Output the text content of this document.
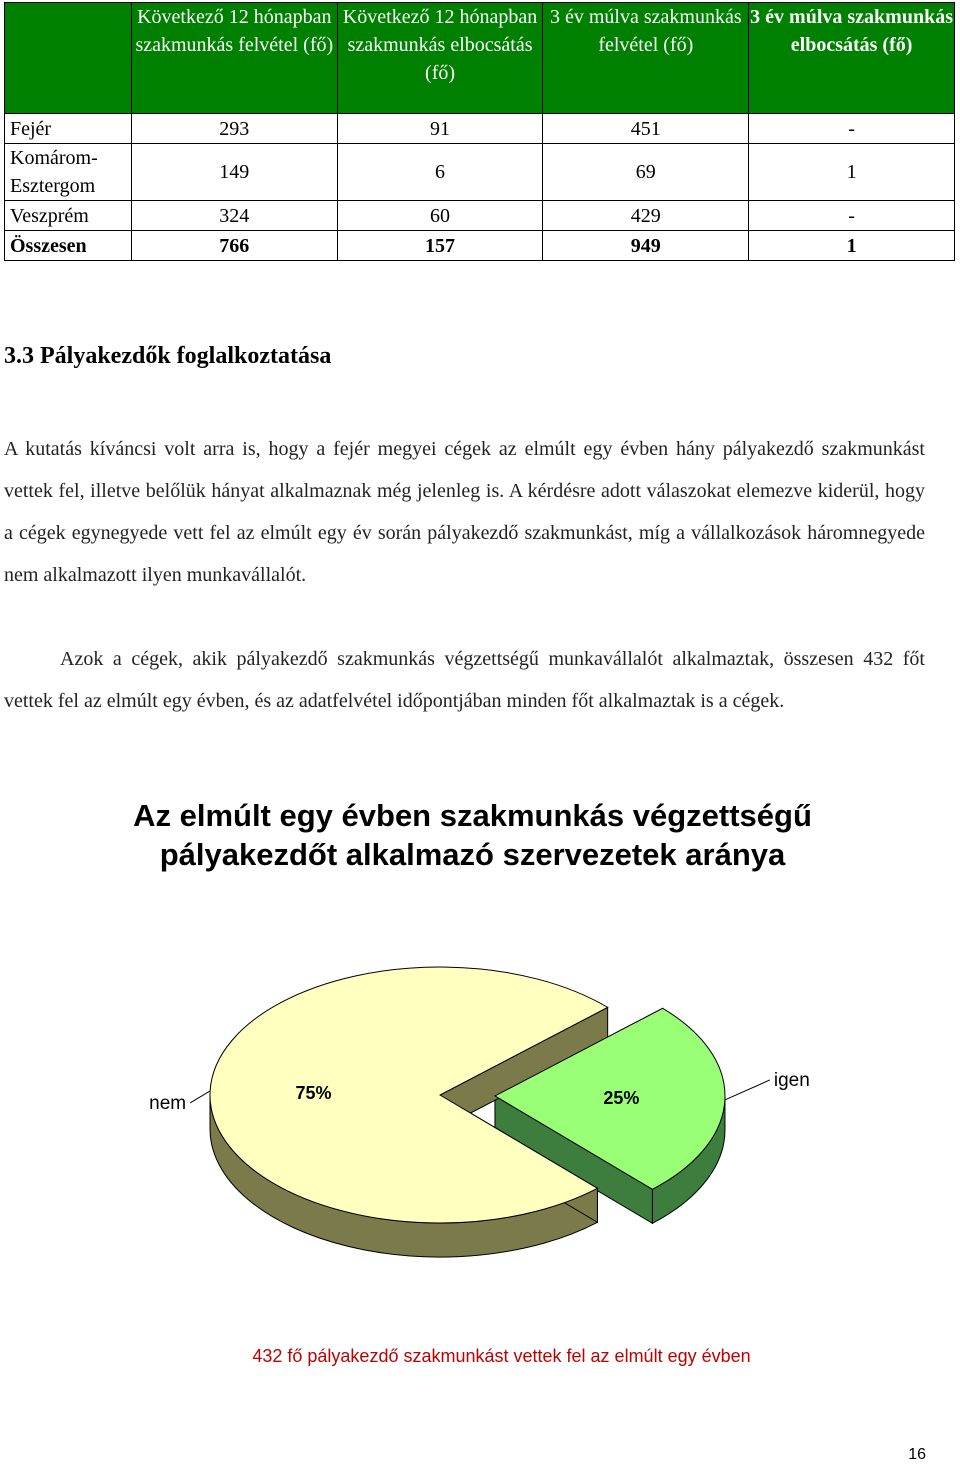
	Következő 12 hónapban szakmunkás felvétel (fő)	Következő 12 hónapban szakmunkás elbocsátás (fő)	3 év múlva szakmunkás felvétel (fő)	3 év múlva szakmunkás elbocsátás (fő)
Fejér	293	91	451	-
Komárom-Esztergom	149	6	69	1
Veszprém	324	60	429	-
Összesen	766	157	949	1
3.3 Pályakezdők foglalkoztatása

A kutatás kíváncsi volt arra is, hogy a fejér megyei cégek az elmúlt egy évben hány pályakezdő szakmunkást vettek fel, illetve belőlük hányat alkalmaznak még jelenleg is. A kérdésre adott válaszokat elemezve kiderül, hogy a cégek egynegyede vett fel az elmúlt egy év során pályakezdő szakmunkást, míg a vállalkozások háromnegyede nem alkalmazott ilyen munkavállalót.

Azok a cégek, akik pályakezdő szakmunkás végzettségű munkavállalót alkalmaztak, összesen 432 főt vettek fel az elmúlt egy évben, és az adatfelvétel időpontjában minden főt alkalmaztak is a cégek.

Az elmúlt egy évben szakmunkás végzettségű
pályakezdőt alkalmazó szervezetek aránya
25%
igen
75%
nem

432 fő pályakezdő szakmunkást vettek fel az elmúlt egy évben

16
